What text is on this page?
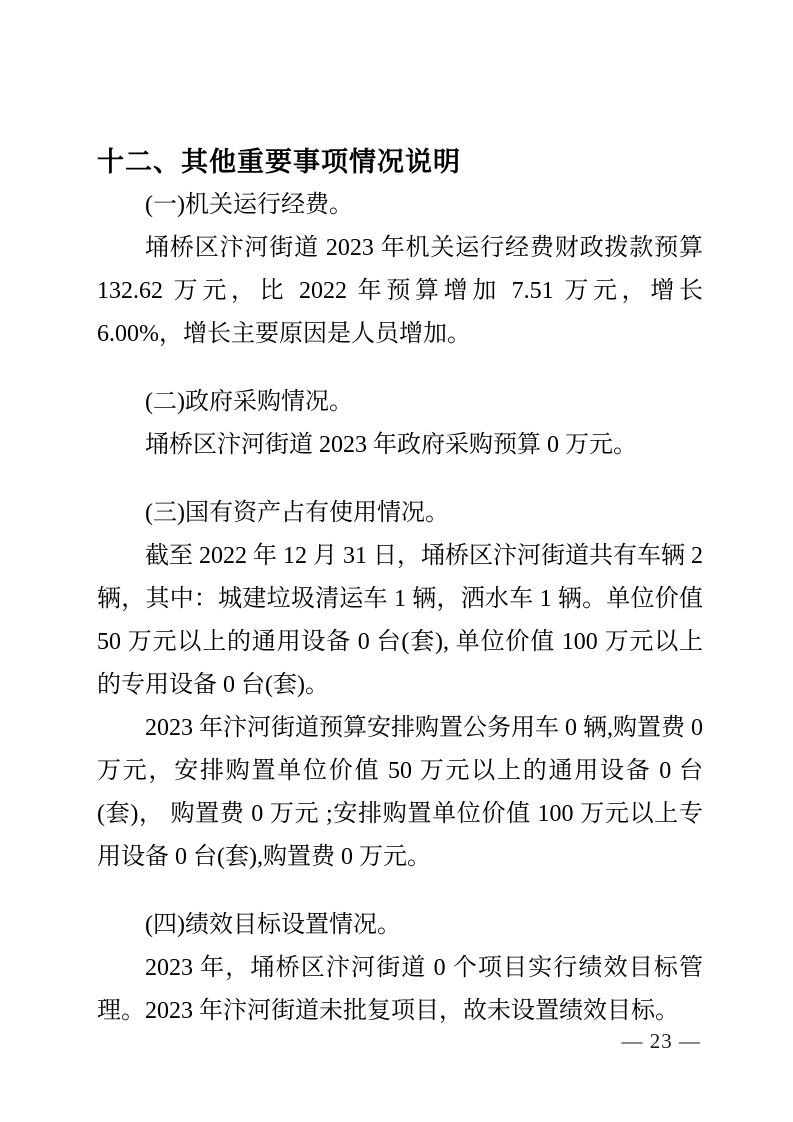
十二、其他重要事项情况说明

(一)机关运行经费。

埇桥区汴河街道 2023 年机关运行经费财政拨款预算 132.62 万元，比 2022 年预算增加 7.51 万元，增长 6.00%，增长主要原因是人员增加。

(二)政府采购情况。

埇桥区汴河街道 2023 年政府采购预算 0 万元。

(三)国有资产占有使用情况。

截至 2022 年 12 月 31 日，埇桥区汴河街道共有车辆 2 辆，其中：城建垃圾清运车 1 辆，洒水车 1 辆。单位价值 50 万元以上的通用设备 0 台(套), 单位价值 100 万元以上的专用设备 0 台(套)。

2023 年汴河街道预算安排购置公务用车 0 辆,购置费 0 万元，安排购置单位价值 50 万元以上的通用设备 0 台(套)， 购置费 0 万元 ;安排购置单位价值 100 万元以上专用设备 0 台(套),购置费 0 万元。

(四)绩效目标设置情况。

2023 年，埇桥区汴河街道 0 个项目实行绩效目标管理。2023 年汴河街道未批复项目，故未设置绩效目标。

— 23 —
